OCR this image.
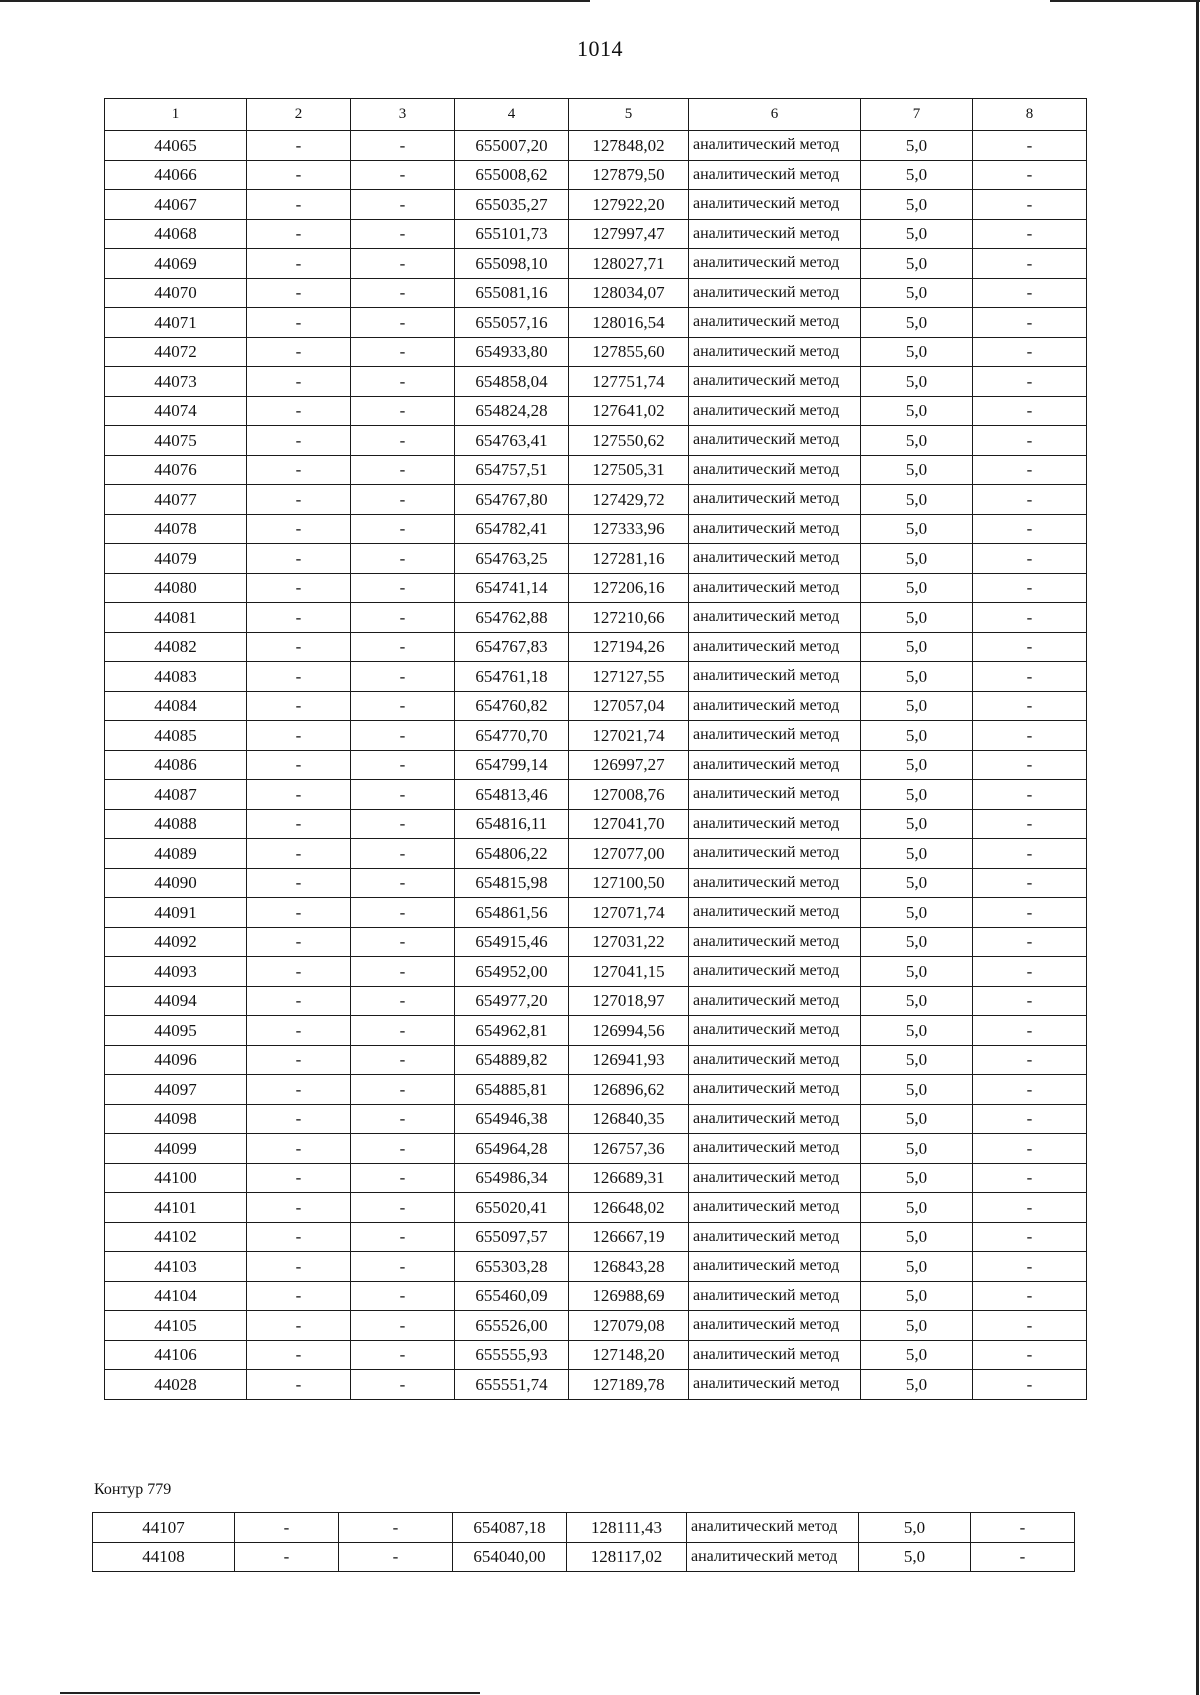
1014
1	2	3	4	5	6	7	8
44065	-	-	655007,20	127848,02	аналитический метод	5,0	-
44066	-	-	655008,62	127879,50	аналитический метод	5,0	-
44067	-	-	655035,27	127922,20	аналитический метод	5,0	-
44068	-	-	655101,73	127997,47	аналитический метод	5,0	-
44069	-	-	655098,10	128027,71	аналитический метод	5,0	-
44070	-	-	655081,16	128034,07	аналитический метод	5,0	-
44071	-	-	655057,16	128016,54	аналитический метод	5,0	-
44072	-	-	654933,80	127855,60	аналитический метод	5,0	-
44073	-	-	654858,04	127751,74	аналитический метод	5,0	-
44074	-	-	654824,28	127641,02	аналитический метод	5,0	-
44075	-	-	654763,41	127550,62	аналитический метод	5,0	-
44076	-	-	654757,51	127505,31	аналитический метод	5,0	-
44077	-	-	654767,80	127429,72	аналитический метод	5,0	-
44078	-	-	654782,41	127333,96	аналитический метод	5,0	-
44079	-	-	654763,25	127281,16	аналитический метод	5,0	-
44080	-	-	654741,14	127206,16	аналитический метод	5,0	-
44081	-	-	654762,88	127210,66	аналитический метод	5,0	-
44082	-	-	654767,83	127194,26	аналитический метод	5,0	-
44083	-	-	654761,18	127127,55	аналитический метод	5,0	-
44084	-	-	654760,82	127057,04	аналитический метод	5,0	-
44085	-	-	654770,70	127021,74	аналитический метод	5,0	-
44086	-	-	654799,14	126997,27	аналитический метод	5,0	-
44087	-	-	654813,46	127008,76	аналитический метод	5,0	-
44088	-	-	654816,11	127041,70	аналитический метод	5,0	-
44089	-	-	654806,22	127077,00	аналитический метод	5,0	-
44090	-	-	654815,98	127100,50	аналитический метод	5,0	-
44091	-	-	654861,56	127071,74	аналитический метод	5,0	-
44092	-	-	654915,46	127031,22	аналитический метод	5,0	-
44093	-	-	654952,00	127041,15	аналитический метод	5,0	-
44094	-	-	654977,20	127018,97	аналитический метод	5,0	-
44095	-	-	654962,81	126994,56	аналитический метод	5,0	-
44096	-	-	654889,82	126941,93	аналитический метод	5,0	-
44097	-	-	654885,81	126896,62	аналитический метод	5,0	-
44098	-	-	654946,38	126840,35	аналитический метод	5,0	-
44099	-	-	654964,28	126757,36	аналитический метод	5,0	-
44100	-	-	654986,34	126689,31	аналитический метод	5,0	-
44101	-	-	655020,41	126648,02	аналитический метод	5,0	-
44102	-	-	655097,57	126667,19	аналитический метод	5,0	-
44103	-	-	655303,28	126843,28	аналитический метод	5,0	-
44104	-	-	655460,09	126988,69	аналитический метод	5,0	-
44105	-	-	655526,00	127079,08	аналитический метод	5,0	-
44106	-	-	655555,93	127148,20	аналитический метод	5,0	-
44028	-	-	655551,74	127189,78	аналитический метод	5,0	-
Контур 779
44107	-	-	654087,18	128111,43	аналитический метод	5,0	-
44108	-	-	654040,00	128117,02	аналитический метод	5,0	-
